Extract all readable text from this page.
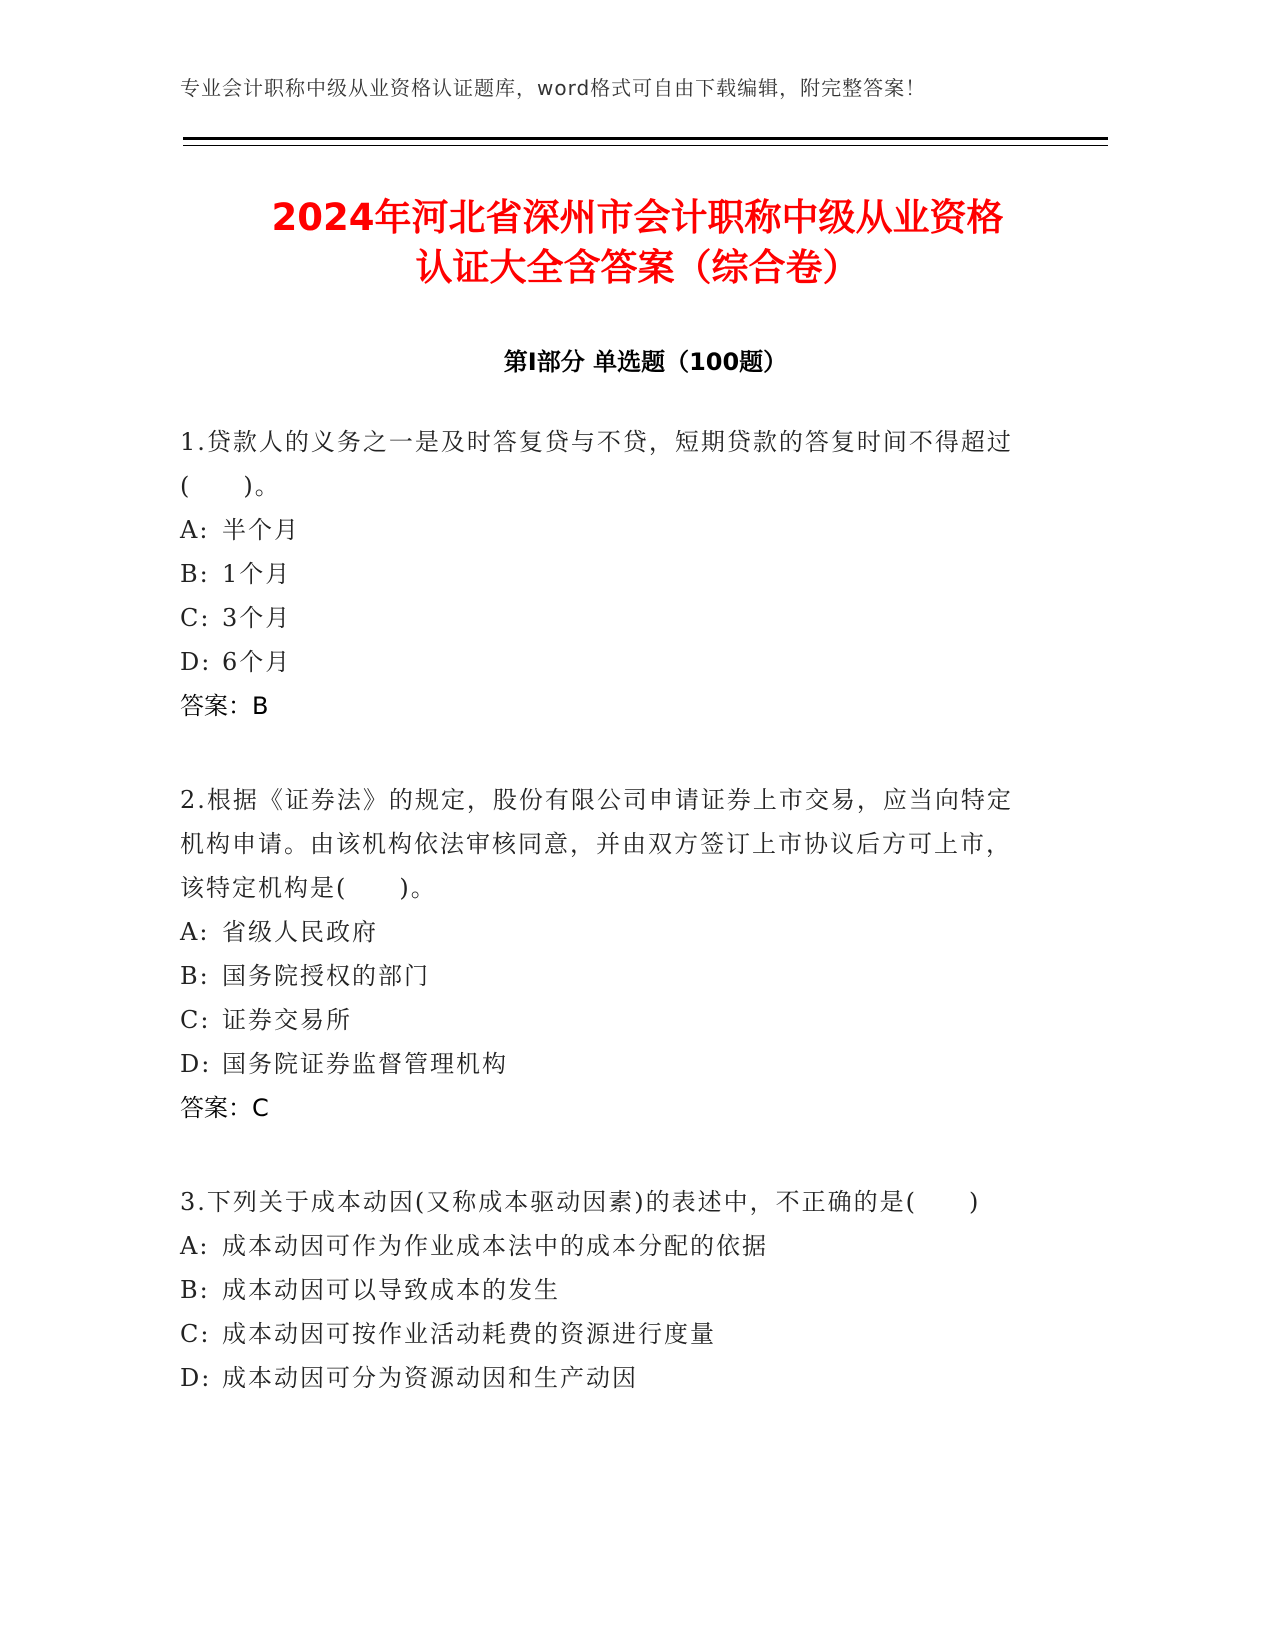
专业会计职称中级从业资格认证题库，word格式可自由下载编辑，附完整答案！
2024年河北省深州市会计职称中级从业资格
认证大全含答案（综合卷）
第Ⅰ部分 单选题（100题）
1.贷款人的义务之一是及时答复贷与不贷，短期贷款的答复时间不得超过(　　)。
A: 半个月
B: 1个月
C: 3个月
D: 6个月
答案：B
2.根据《证券法》的规定，股份有限公司申请证券上市交易，应当向特定机构申请。由该机构依法审核同意，并由双方签订上市协议后方可上市，该特定机构是(　　)。
A: 省级人民政府
B: 国务院授权的部门
C: 证券交易所
D: 国务院证券监督管理机构
答案：C
3.下列关于成本动因(又称成本驱动因素)的表述中，不正确的是(　　)
A: 成本动因可作为作业成本法中的成本分配的依据
B: 成本动因可以导致成本的发生
C: 成本动因可按作业活动耗费的资源进行度量
D: 成本动因可分为资源动因和生产动因
